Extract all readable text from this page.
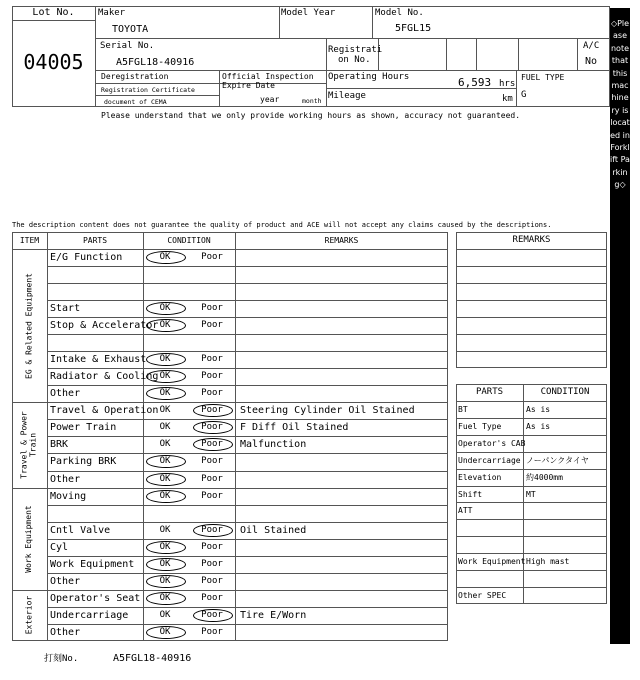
Lot No.
04005
Maker
TOYOTA
Model Year	Model No.
5FGL15
Serial No.
A5FGL18-40916
Registrati
on No.
A/C
No
Deregistration
Registration Certificate
document of CEMA
Official Inspection
Expire Date
year	month
Operating Hours	6,593 hrs
Mileage	km
FUEL TYPE
G
Please understand that we only provide working hours as shown, accuracy not guaranteed.
The description content does not guarantee the quality of product and ACE will not accept any claims caused by the descriptions.
ITEM	PARTS	CONDITION	REMARKS
E/G Function	OK	Poor
Start	OK	Poor
Stop & Accelerator OK	Poor
Intake & Exhaust	OK	Poor
Radiator & Cooling OK	Poor
Other	OK	Poor
Travel & Operation OK	Poor	Steering Cylinder Oil Stained
Power Train	OK	Poor	F Diff Oil Stained
BRK	OK	Poor	Malfunction
Parking BRK	OK	Poor
Other	OK	Poor
Moving	OK	Poor
Cntl Valve	OK	Poor	Oil Stained
Cyl	OK	Poor
Work Equipment	OK	Poor
Other	OK	Poor
Operator's Seat	OK	Poor
Undercarriage	OK	Poor	Tire E/Worn
Other	OK	Poor
EG & Related Equipment
Travel & Power Train
Work Equipment
Exterior
REMARKS
BT	As is
Fuel Type	As is
Operator's CAB
Undercarriage ノーパンクタイヤ
Elevation	約4000mm
Shift	MT
ATT
Work Equipment High mast
Other SPEC
PARTS	CONDITION
打刻No.	A5FGL18-40916
◇Please note that this machinery is located in Forklift Parking◇
